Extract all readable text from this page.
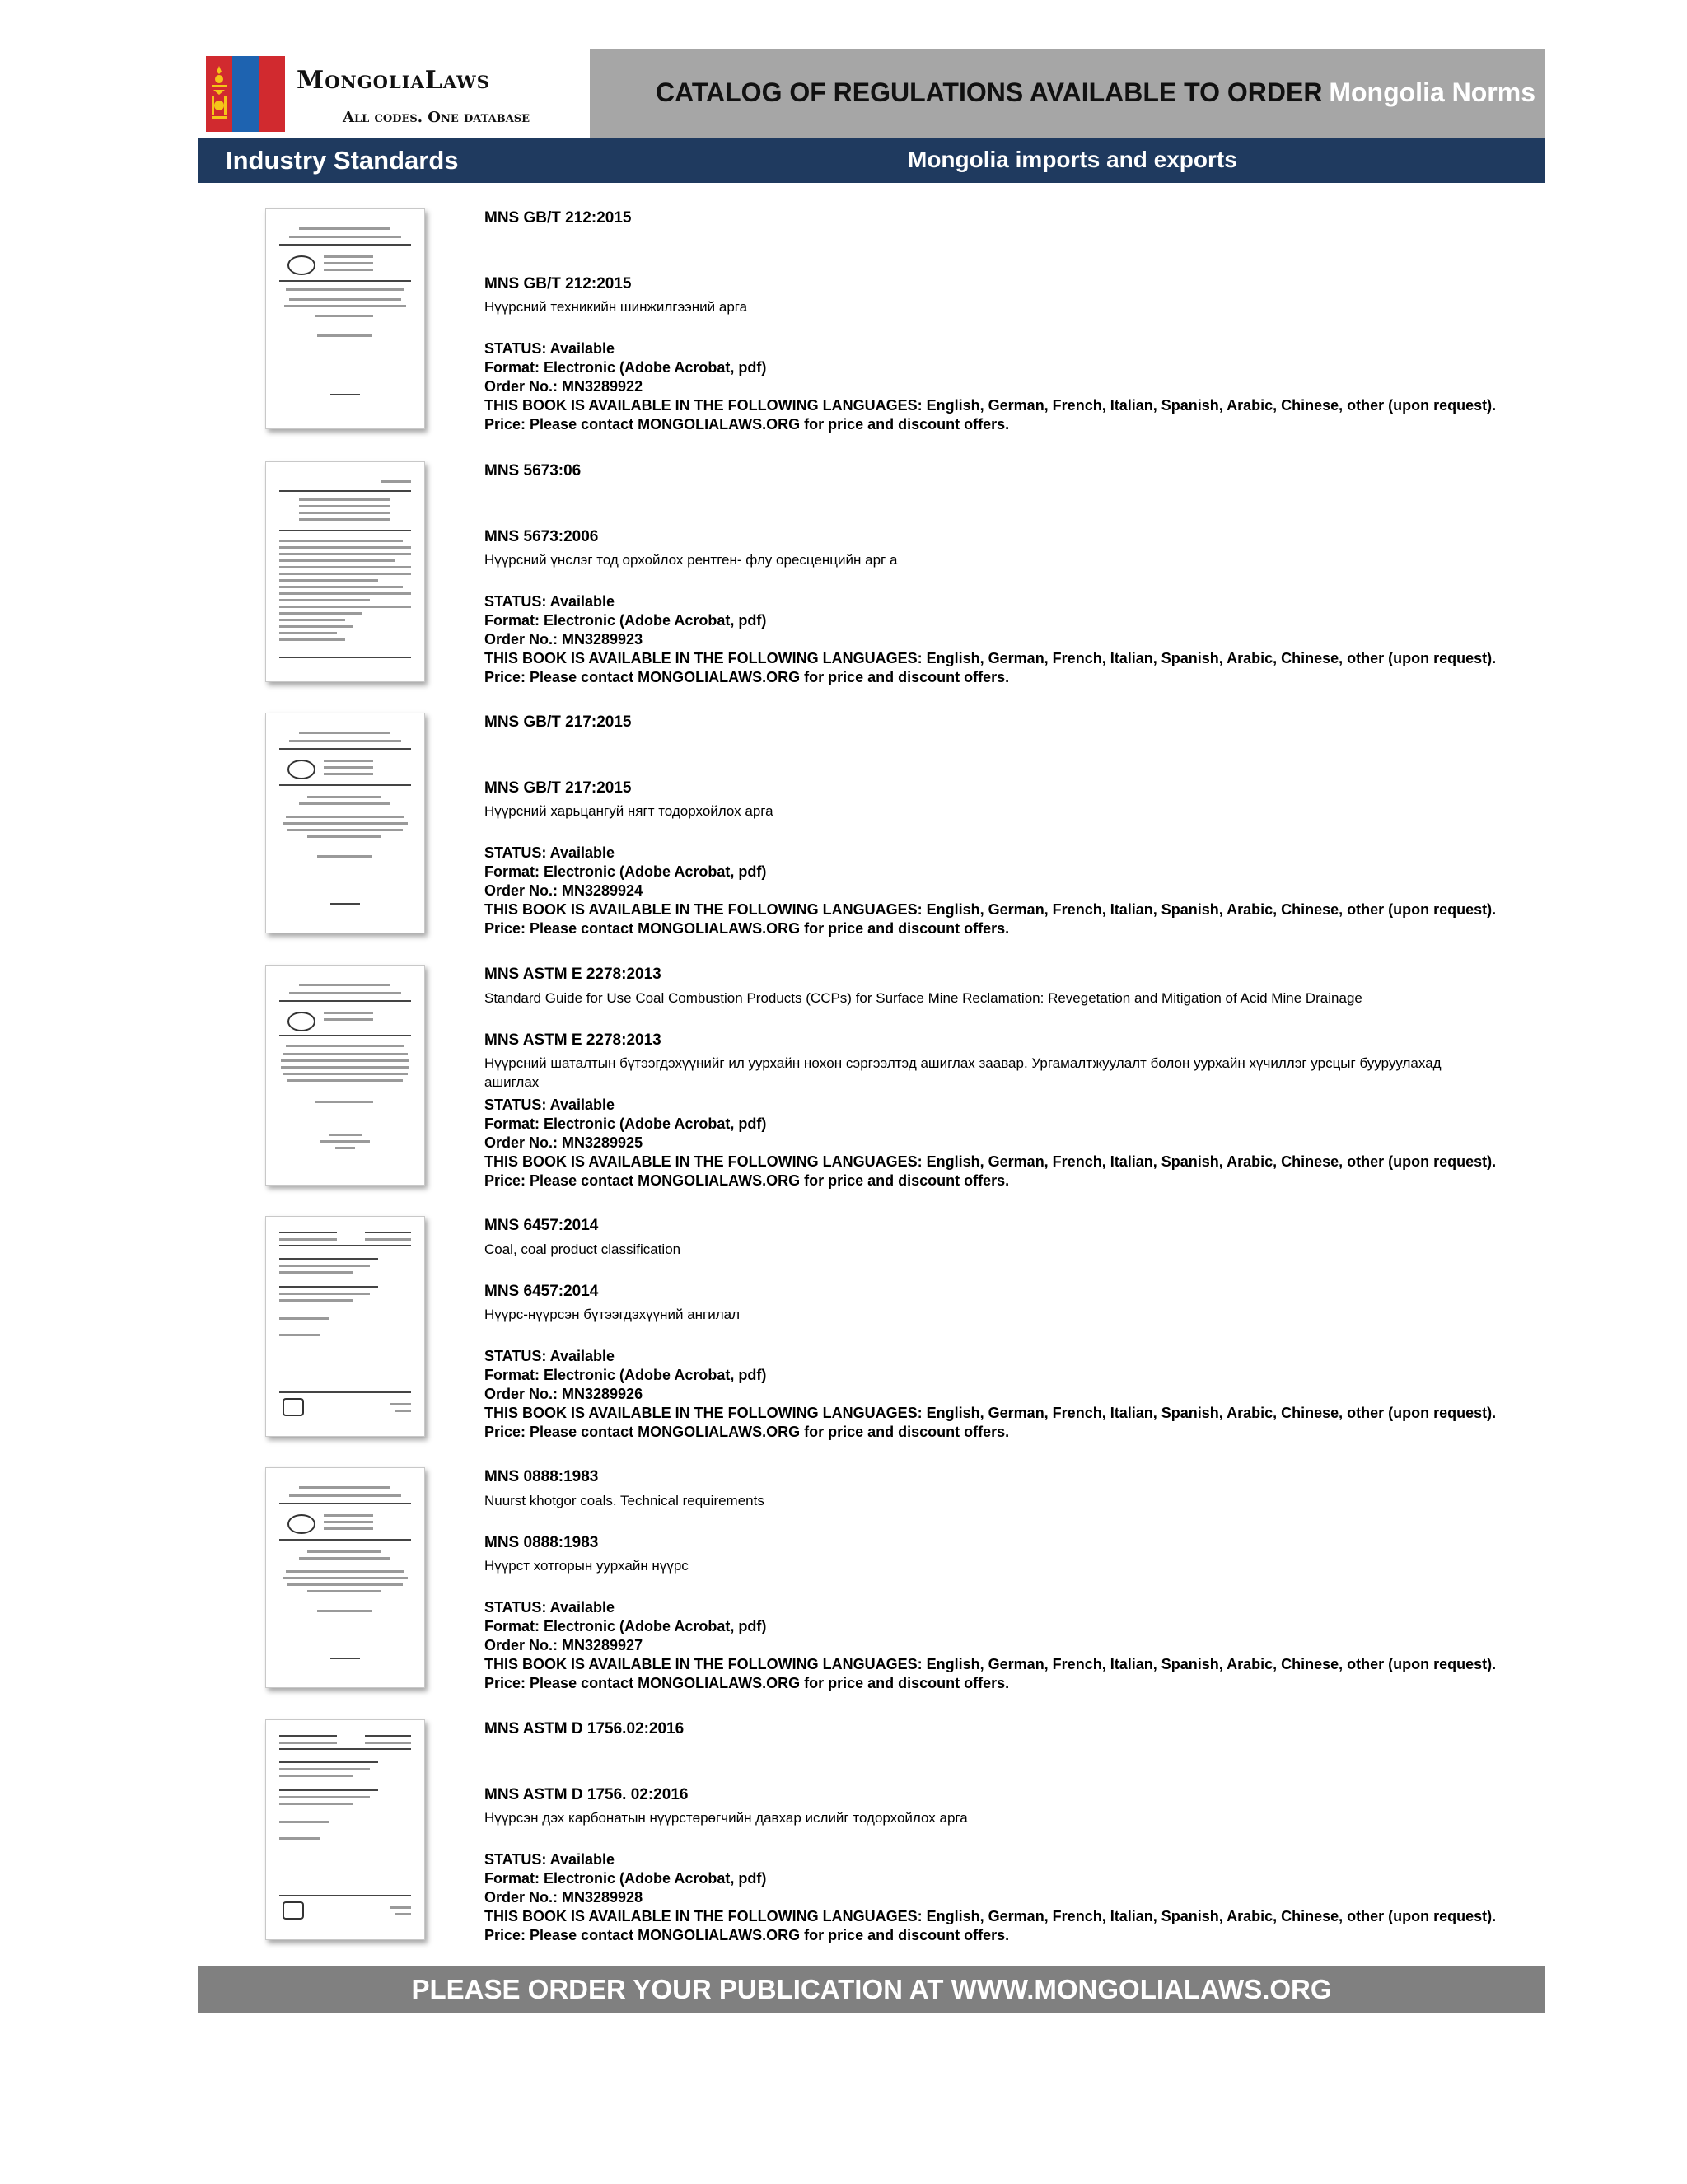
MongoliaLaws
All codes. One database
CATALOG OF REGULATIONS AVAILABLE TO ORDER Mongolia Norms
Industry Standards	Mongolia imports and exports
MNS GB/T 212:2015
MNS GB/T 212:2015
Нүүрсний техникийн шинжилгээний арга
STATUS: Available
Format: Electronic (Adobe Acrobat, pdf)
Order No.: MN3289922
THIS BOOK IS AVAILABLE IN THE FOLLOWING LANGUAGES: English, German, French, Italian, Spanish, Arabic, Chinese, other (upon request).
Price: Please contact MONGOLIALAWS.ORG for price and discount offers.
MNS 5673:06
MNS 5673:2006
Нүүрсний үнслэг тод орхойлох рентген- флу оресценцийн арг а
STATUS: Available
Format: Electronic (Adobe Acrobat, pdf)
Order No.: MN3289923
THIS BOOK IS AVAILABLE IN THE FOLLOWING LANGUAGES: English, German, French, Italian, Spanish, Arabic, Chinese, other (upon request).
Price: Please contact MONGOLIALAWS.ORG for price and discount offers.
MNS GB/T 217:2015
MNS GB/T 217:2015
Нүүрсний харьцангуй нягт тодорхойлох арга
STATUS: Available
Format: Electronic (Adobe Acrobat, pdf)
Order No.: MN3289924
THIS BOOK IS AVAILABLE IN THE FOLLOWING LANGUAGES: English, German, French, Italian, Spanish, Arabic, Chinese, other (upon request).
Price: Please contact MONGOLIALAWS.ORG for price and discount offers.
MNS ASTM E 2278:2013
Standard Guide for Use Coal Combustion Products (CCPs) for Surface Mine Reclamation: Revegetation and Mitigation of Acid Mine Drainage
MNS ASTM E 2278:2013
Нүүрсний шаталтын бүтээгдэхүүнийг ил уурхайн нөхөн сэргээлтэд ашиглах заавар. Ургамалтжуулалт болон уурхайн хүчиллэг урсцыг бууруулахад ашиглах
STATUS: Available
Format: Electronic (Adobe Acrobat, pdf)
Order No.: MN3289925
THIS BOOK IS AVAILABLE IN THE FOLLOWING LANGUAGES: English, German, French, Italian, Spanish, Arabic, Chinese, other (upon request).
Price: Please contact MONGOLIALAWS.ORG for price and discount offers.
MNS 6457:2014
Coal, coal product classification
MNS 6457:2014
Нүүрс-нүүрсэн бүтээгдэхүүний ангилал
STATUS: Available
Format: Electronic (Adobe Acrobat, pdf)
Order No.: MN3289926
THIS BOOK IS AVAILABLE IN THE FOLLOWING LANGUAGES: English, German, French, Italian, Spanish, Arabic, Chinese, other (upon request).
Price: Please contact MONGOLIALAWS.ORG for price and discount offers.
MNS 0888:1983
Nuurst khotgor coals. Technical requirements
MNS 0888:1983
Нүүрст хотгорын уурхайн нүүрс
STATUS: Available
Format: Electronic (Adobe Acrobat, pdf)
Order No.: MN3289927
THIS BOOK IS AVAILABLE IN THE FOLLOWING LANGUAGES: English, German, French, Italian, Spanish, Arabic, Chinese, other (upon request).
Price: Please contact MONGOLIALAWS.ORG for price and discount offers.
MNS ASTM D 1756.02:2016
MNS ASTM D 1756. 02:2016
Нүүрсэн дэх карбонатын нүүрстөрөгчийн давхар ислийг тодорхойлох арга
STATUS: Available
Format: Electronic (Adobe Acrobat, pdf)
Order No.: MN3289928
THIS BOOK IS AVAILABLE IN THE FOLLOWING LANGUAGES: English, German, French, Italian, Spanish, Arabic, Chinese, other (upon request).
Price: Please contact MONGOLIALAWS.ORG for price and discount offers.
PLEASE ORDER YOUR PUBLICATION AT WWW.MONGOLIALAWS.ORG
